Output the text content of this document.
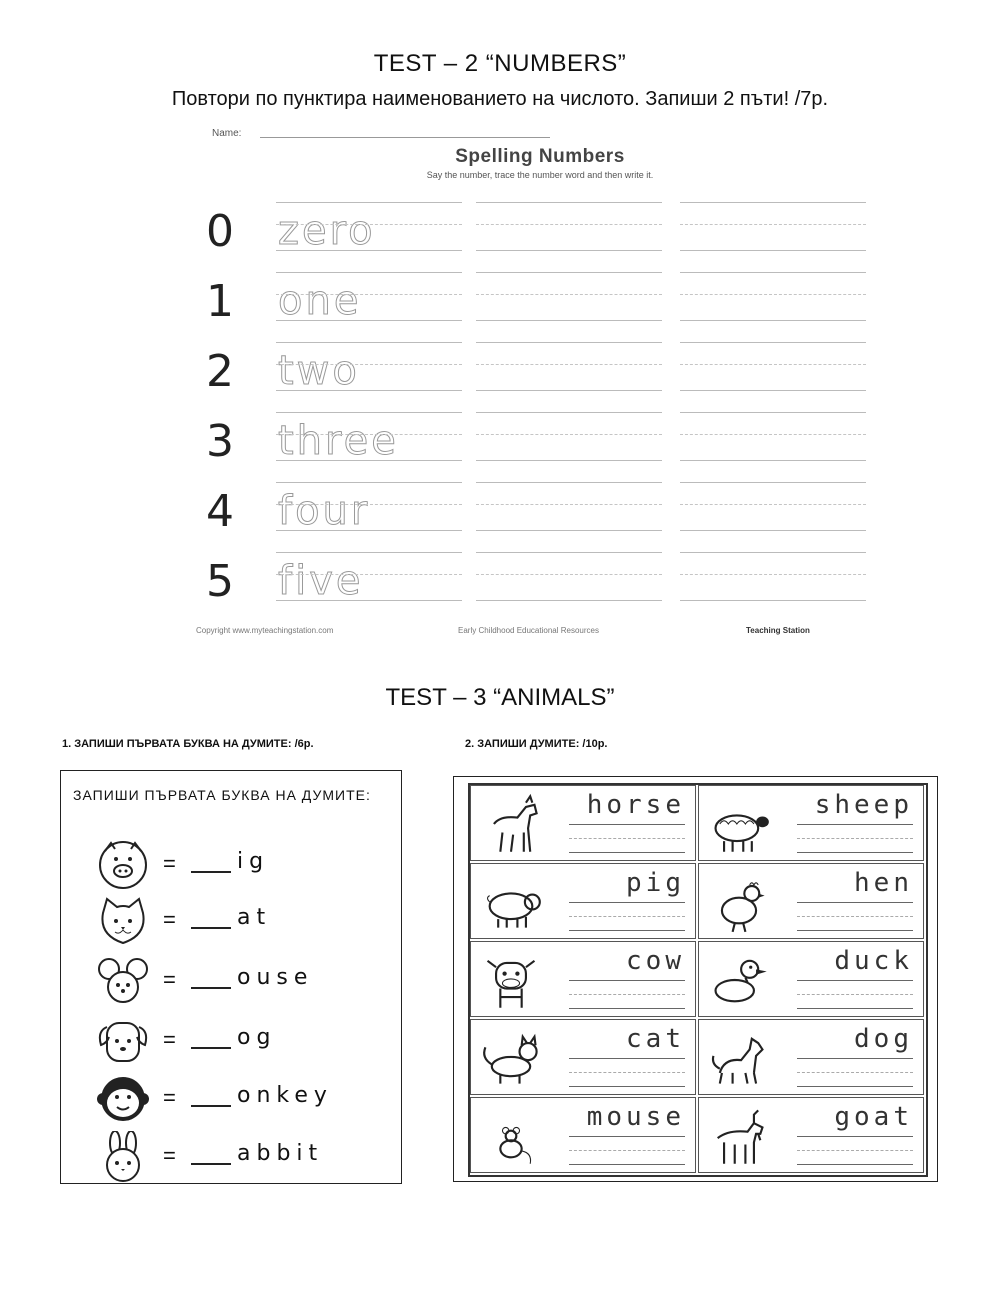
TEST – 2 “NUMBERS”
Повтори по пунктира наименованието на числото. Запиши 2 пъти! /7р.
Name:
Spelling Numbers
Say the number, trace the number word and then write it.
0 zero
1 one
2 two
3 three
4 four
5 five
Copyright www.myteachingstation.com	Early Childhood Educational Resources	Teaching Station
TEST – 3 “ANIMALS”
1. ЗАПИШИ ПЪРВАТА БУКВА НА ДУМИТЕ: /6р.	2. ЗАПИШИ ДУМИТЕ: /10р.
ЗАПИШИ ПЪРВАТА БУКВА НА ДУМИТЕ:
=	ig
=	at
=	ouse
=	og
=	onkey
=	abbit
horse	sheep
pig	hen
cow	duck
cat	dog
mouse	goat
